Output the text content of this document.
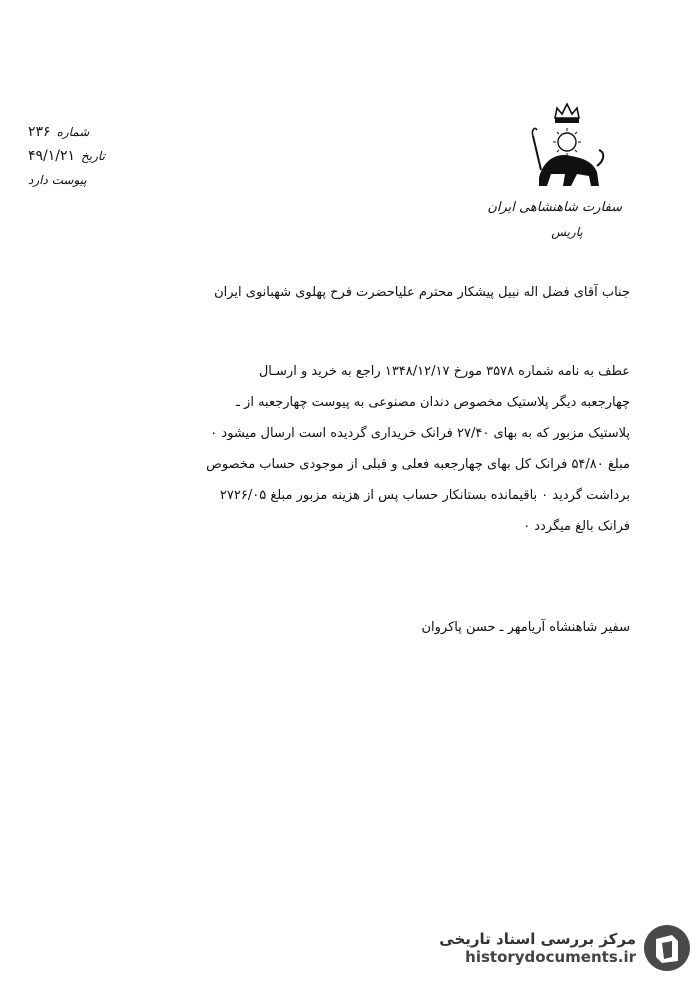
شماره
۲۳۶
تاریخ
۴۹/۱/۲۱
پیوست دارد
سفارت شاهنشاهی ایران
پاریس
جناب آقای فضل اله نبیل پیشکار محترم علیاحضرت فرح پهلوی شهبانوی ایران
عطف به نامه شماره ۳۵۷۸ مورخ ۱۳۴۸/۱۲/۱۷ راجع به خرید و ارسـال
چهارجعبه دیگر پلاستیک مخصوص دندان مصنوعی به پیوست چهارجعبه از ـ
پلاستیک مزبور که به بهای ۲۷/۴۰ فرانک خریداری گردیده است ارسال میشود ۰
مبلغ ۵۴/۸۰ فرانک کل بهای چهارجعبه فعلی و قبلی از موجودی حساب مخصوص
برداشت گردید ۰ باقیمانده بستانکار حساب پس از هزینه مزبور مبلغ ۲۷۲۶/۰۵
فرانک بالغ میگردد ۰
سفیر شاهنشاه آریامهر ـ حسن پاکروان
مرکز بررسی اسناد تاریخی
historydocuments.ir
